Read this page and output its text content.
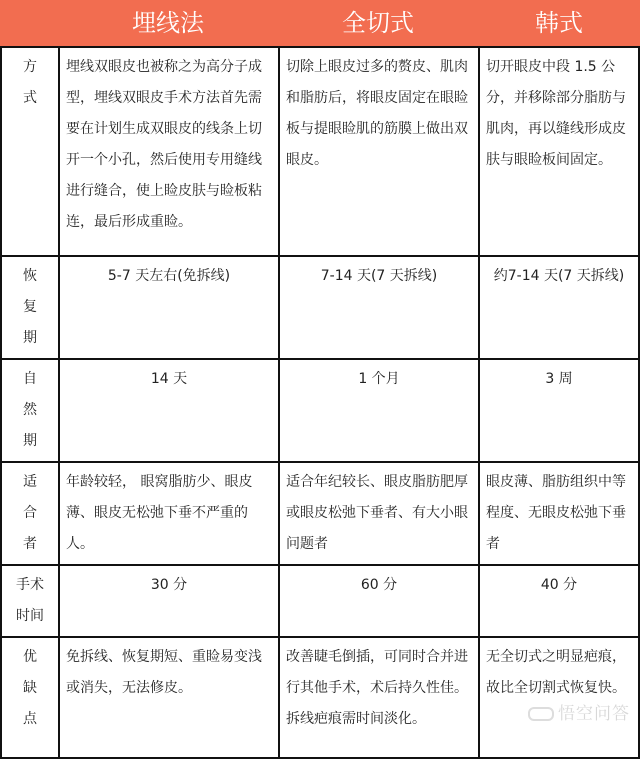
埋线法	全切式	韩式
方
式	埋线双眼皮也被称之为高分子成型，埋线双眼皮手术方法首先需要在计划生成双眼皮的线条上切开一个小孔，然后使用专用缝线进行缝合，使上睑皮肤与睑板粘连，最后形成重睑。	切除上眼皮过多的赘皮、肌肉和脂肪后，将眼皮固定在眼睑板与提眼睑肌的筋膜上做出双眼皮。	切开眼皮中段 1.5 公分，并移除部分脂肪与肌肉，再以缝线形成皮肤与眼睑板间固定。

恢
复
期	5-7 天左右(免拆线)	7-14 天(7 天拆线)	约7-14 天(7 天拆线)

自
然
期	14 天	1 个月	3 周

适
合
者	年龄较轻， 眼窝脂肪少、眼皮薄、眼皮无松弛下垂不严重的人。	适合年纪较长、眼皮脂肪肥厚或眼皮松弛下垂者、有大小眼问题者	眼皮薄、脂肪组织中等程度、无眼皮松弛下垂者

手术
时间	30 分	60 分	40 分

优
缺
点	免拆线、恢复期短、重睑易变浅或消失，无法修皮。	改善睫毛倒插，可同时合并进行其他手术，术后持久性佳。拆线疤痕需时间淡化。	无全切式之明显疤痕，故比全切割式恢复快。
悟空问答
